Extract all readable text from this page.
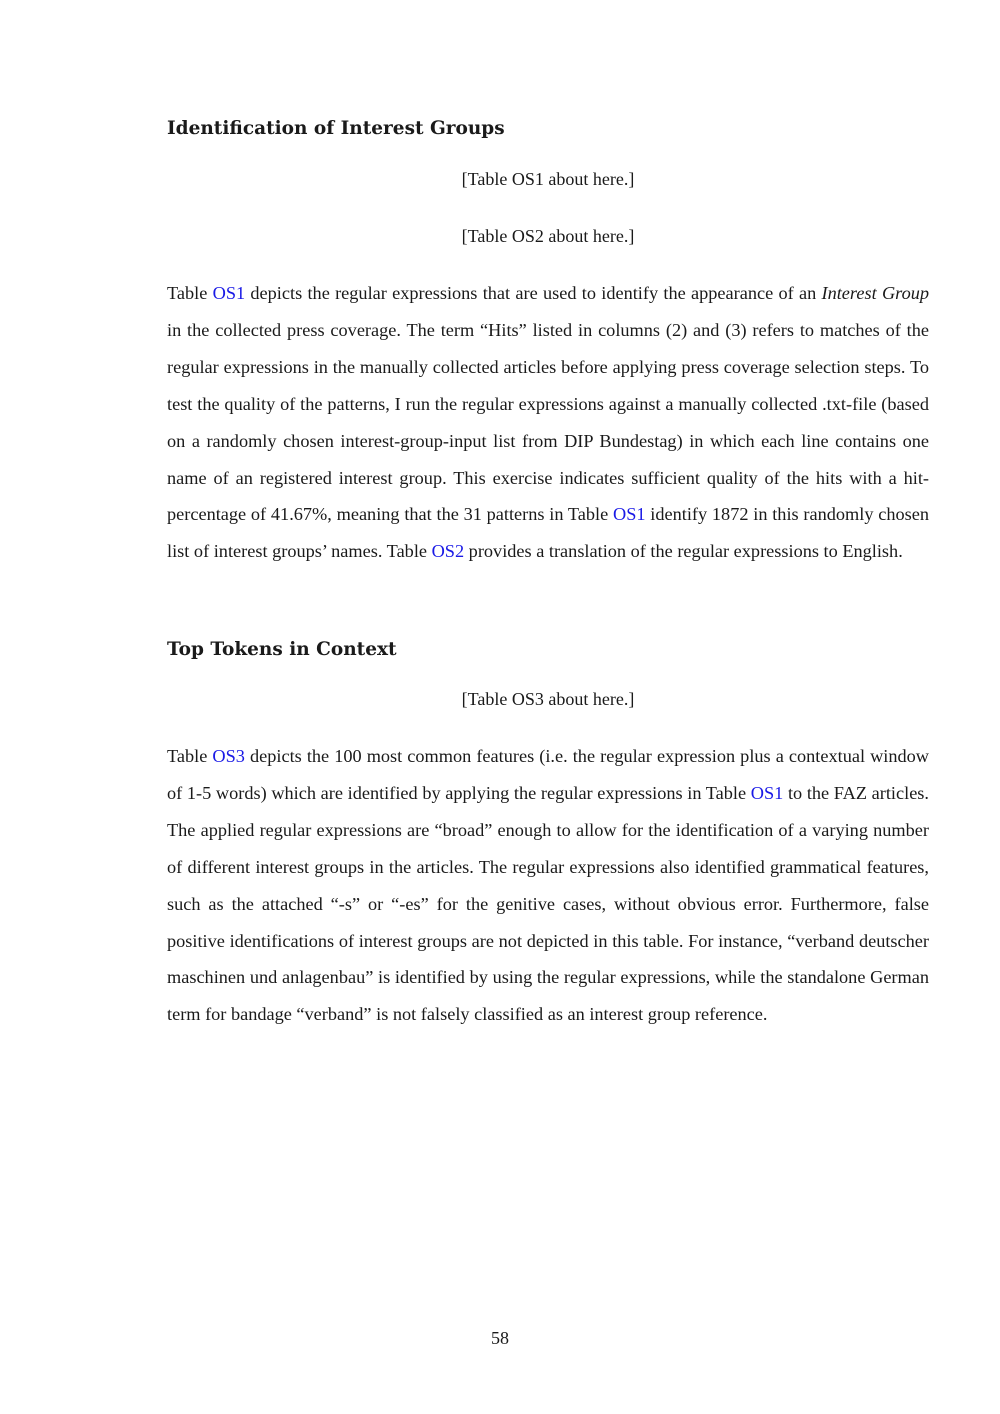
Identification of Interest Groups

[Table OS1 about here.]

[Table OS2 about here.]

Table OS1 depicts the regular expressions that are used to identify the appearance of an Interest Group in the collected press coverage. The term “Hits” listed in columns (2) and (3) refers to matches of the regular expressions in the manually collected articles before applying press coverage selection steps. To test the quality of the patterns, I run the regular expressions against a manually collected .txt-file (based on a randomly chosen interest-group-input list from DIP Bundestag) in which each line contains one name of an registered interest group. This exercise indicates sufficient quality of the hits with a hit-percentage of 41.67%, meaning that the 31 patterns in Table OS1 identify 1872 in this randomly chosen list of interest groups’ names. Table OS2 provides a translation of the regular expressions to English.

Top Tokens in Context

[Table OS3 about here.]

Table OS3 depicts the 100 most common features (i.e. the regular expression plus a contextual window of 1-5 words) which are identified by applying the regular expressions in Table OS1 to the FAZ articles. The applied regular expressions are “broad” enough to allow for the identification of a varying number of different interest groups in the articles. The regular expressions also identified grammatical features, such as the attached “-s” or “-es” for the genitive cases, without obvious error. Furthermore, false positive identifications of interest groups are not depicted in this table. For instance, “verband deutscher maschinen und anlagenbau” is identified by using the regular expressions, while the standalone German term for bandage “verband” is not falsely classified as an interest group reference.

58
